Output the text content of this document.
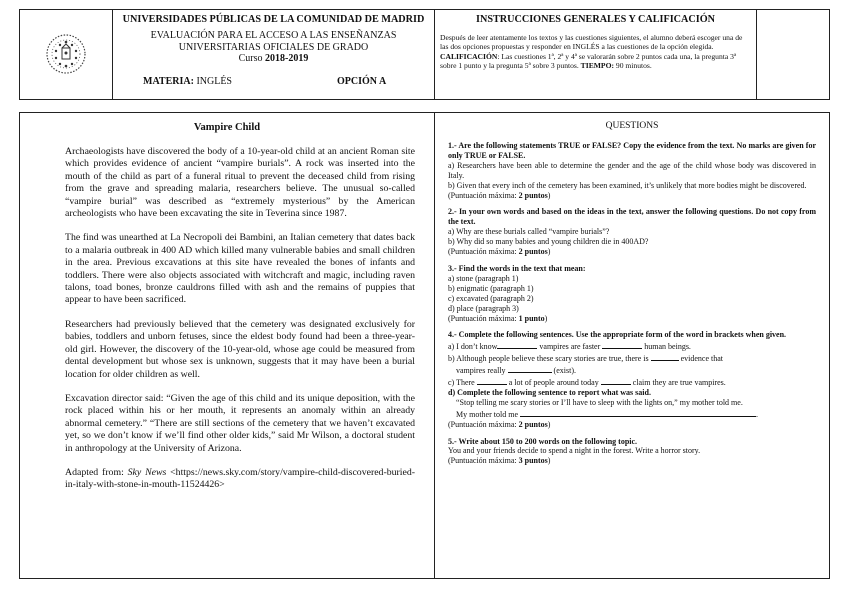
UNIVERSIDADES PÚBLICAS DE LA COMUNIDAD DE MADRID
EVALUACIÓN PARA EL ACCESO A LAS ENSEÑANZAS
UNIVERSITARIAS OFICIALES DE GRADO
Curso 2018-2019
MATERIA: INGLÉS	OPCIÓN A
INSTRUCCIONES GENERALES Y CALIFICACIÓN

Después de leer atentamente los textos y las cuestiones siguientes, el alumno deberá escoger una de las dos opciones propuestas y responder en INGLÉS a las cuestiones de la opción elegida.

CALIFICACIÓN: Las cuestiones 1ª, 2ª y 4ª se valorarán sobre 2 puntos cada una, la pregunta 3ª sobre 1 punto y la pregunta 5ª sobre 3 puntos. TIEMPO: 90 minutos.

Vampire Child

Archaeologists have discovered the body of a 10-year-old child at an ancient Roman site which provides evidence of ancient “vampire burials”. A rock was inserted into the mouth of the child as part of a funeral ritual to prevent the deceased child from rising from the grave and spreading malaria, researchers believe. The unusual so-called “vampire burial” was described as “extremely mysterious” by the American archeologists who have been excavating the site in Teverina since 1987.

The find was unearthed at La Necropoli dei Bambini, an Italian cemetery that dates back to a malaria outbreak in 400 AD which killed many vulnerable babies and small children in the area. Previous excavations at this site have revealed the bones of infants and toddlers. There were also objects associated with witchcraft and magic, including raven talons, toad bones, bronze cauldrons filled with ash and the remains of puppies that appear to have been sacrificed.

Researchers had previously believed that the cemetery was designated exclusively for babies, toddlers and unborn fetuses, since the eldest body found had been a three-year-old girl. However, the discovery of the 10-year-old, whose age could be measured from dental development but whose sex is unknown, suggests that it may have been a burial location for older children as well.

Excavation director said: “Given the age of this child and its unique deposition, with the rock placed within his or her mouth, it represents an anomaly within an already abnormal cemetery.” “There are still sections of the cemetery that we haven’t excavated yet, so we don’t know if we’ll find other older kids,” said Mr Wilson, a doctoral student in anthropology at the University of Arizona.

Adapted from: Sky News <https://news.sky.com/story/vampire-child-discovered-buried-in-italy-with-stone-in-mouth-11524426>

QUESTIONS

1.- Are the following statements TRUE or FALSE? Copy the evidence from the text. No marks are given for only TRUE or FALSE.

a) Researchers have been able to determine the gender and the age of the child whose body was discovered in Italy.

b) Given that every inch of the cemetery has been examined, it’s unlikely that more bodies might be discovered.

(Puntuación máxima: 2 puntos)

2.- In your own words and based on the ideas in the text, answer the following questions. Do not copy from the text.

a) Why are these burials called “vampire burials”?

b) Why did so many babies and young children die in 400AD?

(Puntuación máxima: 2 puntos)

3.- Find the words in the text that mean:

a) stone (paragraph 1)

b) enigmatic (paragraph 1)

c) excavated (paragraph 2)

d) place (paragraph 3)

(Puntuación máxima: 1 punto)

4.- Complete the following sentences. Use the appropriate form of the word in brackets when given.

a) I don’t know	vampires are faster	human beings.

b) Although people believe these scary stories are true, there is	evidence that

vampires really	(exist).

c) There	a lot of people around today	claim they are true vampires.

d) Complete the following sentence to report what was said.

“Stop telling me scary stories or I’ll have to sleep with the lights on,” my mother told me.

My mother told me	.

(Puntuación máxima: 2 puntos)

5.- Write about 150 to 200 words on the following topic.

You and your friends decide to spend a night in the forest. Write a horror story.

(Puntuación máxima: 3 puntos)
